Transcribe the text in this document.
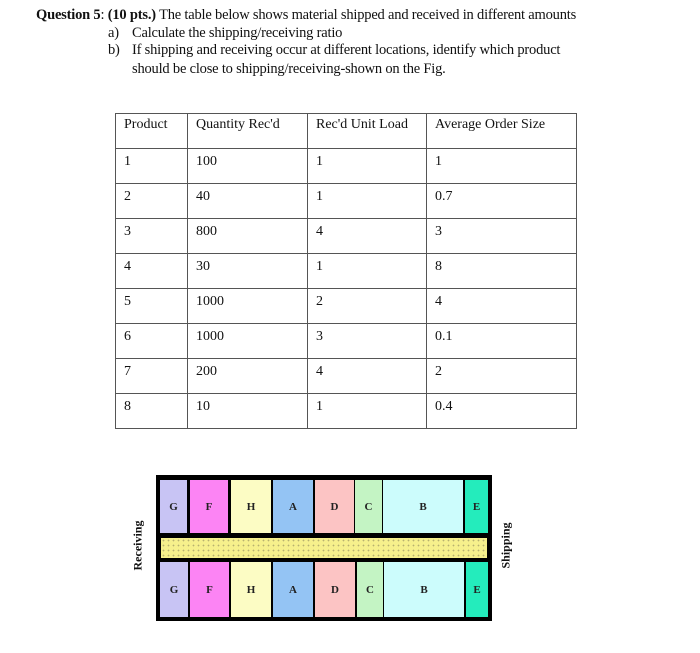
Question 5: (10 pts.) The table below shows material shipped and received in different amounts
a) Calculate the shipping/receiving ratio
b) If shipping and receiving occur at different locations, identify which product
should be close to shipping/receiving-shown on the Fig.
Product	Quantity Rec'd	Rec'd Unit Load	Average Order Size
1	100	1	1
2	40	1	0.7
3	800	4	3
4	30	1	8
5	1000	2	4
6	1000	3	0.1
7	200	4	2
8	10	1	0.4
Receiving	Shipping
G	F	H	A	D C	B	E
G	F	H	A	D C	B	E
